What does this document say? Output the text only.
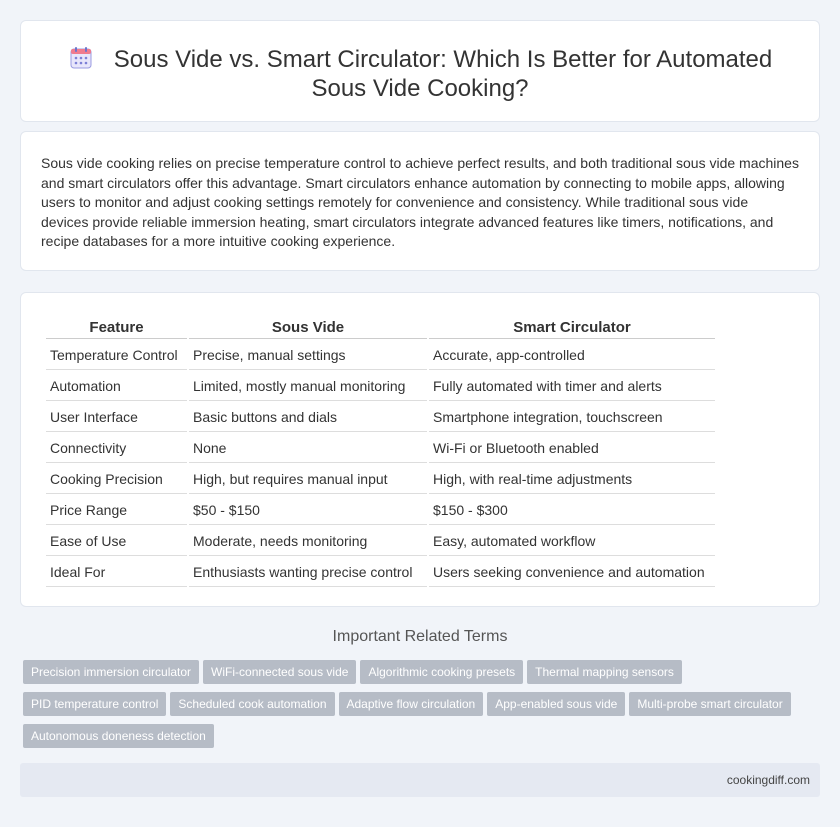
Sous Vide vs. Smart Circulator: Which Is Better for Automated
Sous Vide Cooking?

Sous vide cooking relies on precise temperature control to achieve perfect results, and both traditional sous vide machines and smart circulators offer this advantage. Smart circulators enhance automation by connecting to mobile apps, allowing users to monitor and adjust cooking settings remotely for convenience and consistency. While traditional sous vide devices provide reliable immersion heating, smart circulators integrate advanced features like timers, notifications, and recipe databases for a more intuitive cooking experience.

Feature	Sous Vide	Smart Circulator
Temperature Control	Precise, manual settings	Accurate, app-controlled
Automation	Limited, mostly manual monitoring	Fully automated with timer and alerts
User Interface	Basic buttons and dials	Smartphone integration, touchscreen
Connectivity	None	Wi-Fi or Bluetooth enabled
Cooking Precision	High, but requires manual input	High, with real-time adjustments
Price Range	$50 - $150	$150 - $300
Ease of Use	Moderate, needs monitoring	Easy, automated workflow
Ideal For	Enthusiasts wanting precise control	Users seeking convenience and automation
Important Related Terms
Precision immersion circulator WiFi-connected sous vide Algorithmic cooking presets Thermal mapping sensors
PID temperature control Scheduled cook automation Adaptive flow circulation App-enabled sous vide Multi-probe smart circulator
Autonomous doneness detection
cookingdiff.com
